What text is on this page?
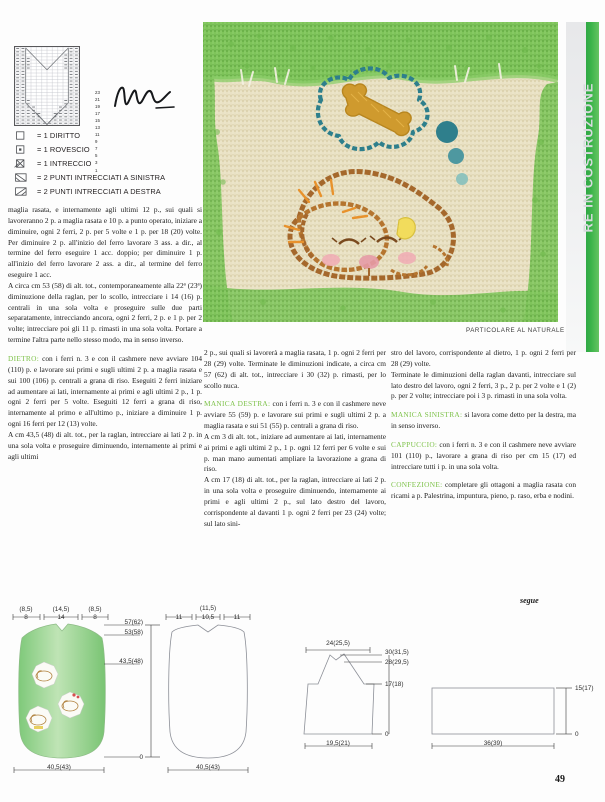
RE IN COSTRUZIONE
1
3
5
7
9
11
13
15
17
19
21
23
= 1 DIRITTO
= 1 ROVESCIO
= 1 INTRECCIO
= 2 PUNTI INTRECCIATI A SINISTRA
= 2 PUNTI INTRECCIATI A DESTRA
PARTICOLARE AL NATURALE

maglia rasata, e internamente agli ultimi 12 p., sui quali si lavoreranno 2 p. a maglia rasata e 10 p. a punto operato, iniziare a diminuire, ogni 2 ferri, 2 p. per 5 volte e 1 p. per 18 (20) volte. Per diminuire 2 p. all'inizio del ferro lavorare 3 ass. a dir., al termine del ferro eseguire 1 acc. doppio; per diminuire 1 p. all'inizio del ferro lavorare 2 ass. a dir., al termine del ferro eseguire 1 acc.

A circa cm 53 (58) di alt. tot., contemporaneamente alla 22ª (23ª) diminuzione della raglan, per lo scollo, intrecciare i 14 (16) p. centrali in una sola volta e proseguire sulle due parti separatamente, intrecciando ancora, ogni 2 ferri, 2 p. e 1 p. per 2 volte; intrecciare poi gli 11 p. rimasti in una sola volta. Portare a termine l'altra parte nello stesso modo, ma in senso inverso.

DIETRO: con i ferri n. 3 e con il cashmere neve avviare 104 (110) p. e lavorare sui primi e sugli ultimi 2 p. a maglia rasata e sui 100 (106) p. centrali a grana di riso. Eseguiti 2 ferri iniziare ad aumentare ai lati, internamente ai primi e agli ultimi 2 p., 1 p. ogni 2 ferri per 5 volte. Eseguiti 12 ferri a grana di riso, internamente al primo e all'ultimo p., iniziare a diminuire 1 p. ogni 16 ferri per 12 (13) volte.

A cm 43,5 (48) di alt. tot., per la raglan, intrecciare ai lati 2 p. in una sola volta e proseguire diminuendo, internamente ai primi e agli ultimi

2 p., sui quali si lavorerà a maglia rasata, 1 p. ogni 2 ferri per 28 (29) volte. Terminate le diminuzioni indicate, a circa cm 57 (62) di alt. tot., intrecciare i 30 (32) p. rimasti, per lo scollo nuca.

MANICA DESTRA: con i ferri n. 3 e con il cashmere neve avviare 55 (59) p. e lavorare sui primi e sugli ultimi 2 p. a maglia rasata e sui 51 (55) p. centrali a grana di riso.

A cm 3 di alt. tot., iniziare ad aumentare ai lati, internamente ai primi e agli ultimi 2 p., 1 p. ogni 12 ferri per 6 volte e sui p. man mano aumentati ampliare la lavorazione a grana di riso.

A cm 17 (18) di alt. tot., per la raglan, intrecciare ai lati 2 p. in una sola volta e proseguire diminuendo, internamente ai primi e agli ultimi 2 p., sul lato destro del lavoro, corrispondente al davanti 1 p. ogni 2 ferri per 23 (24) volte; sul lato sini-

stro del lavoro, corrispondente al dietro, 1 p. ogni 2 ferri per 28 (29) volte.

Terminate le diminuzioni della raglan davanti, intrecciare sul lato destro del lavoro, ogni 2 ferri, 3 p., 2 p. per 2 volte e 1 (2) p. per 2 volte; intrecciare poi i 3 p. rimasti in una sola volta.

MANICA SINISTRA: si lavora come detto per la destra, ma in senso inverso.

CAPPUCCIO: con i ferri n. 3 e con il cashmere neve avviare 101 (110) p., lavorare a grana di riso per cm 15 (17) ed intrecciare tutti i p. in una sola volta.

CONFEZIONE: completare gli ottagoni a maglia rasata con ricami a p. Palestrina, impuntura, pieno, p. raso, erba e nodini.

segue
(8,5)
8
(14,5)
14
(8,5)
8
57(62)
53(58)
43,5(48)
0
40,5(43)
(11,5)
11	10,5	11
40,5(43)
24(25,5)
30(31,5)
28(29,5)
17(18)
0
19,5(21)
15(17)
0
36(39)
49
